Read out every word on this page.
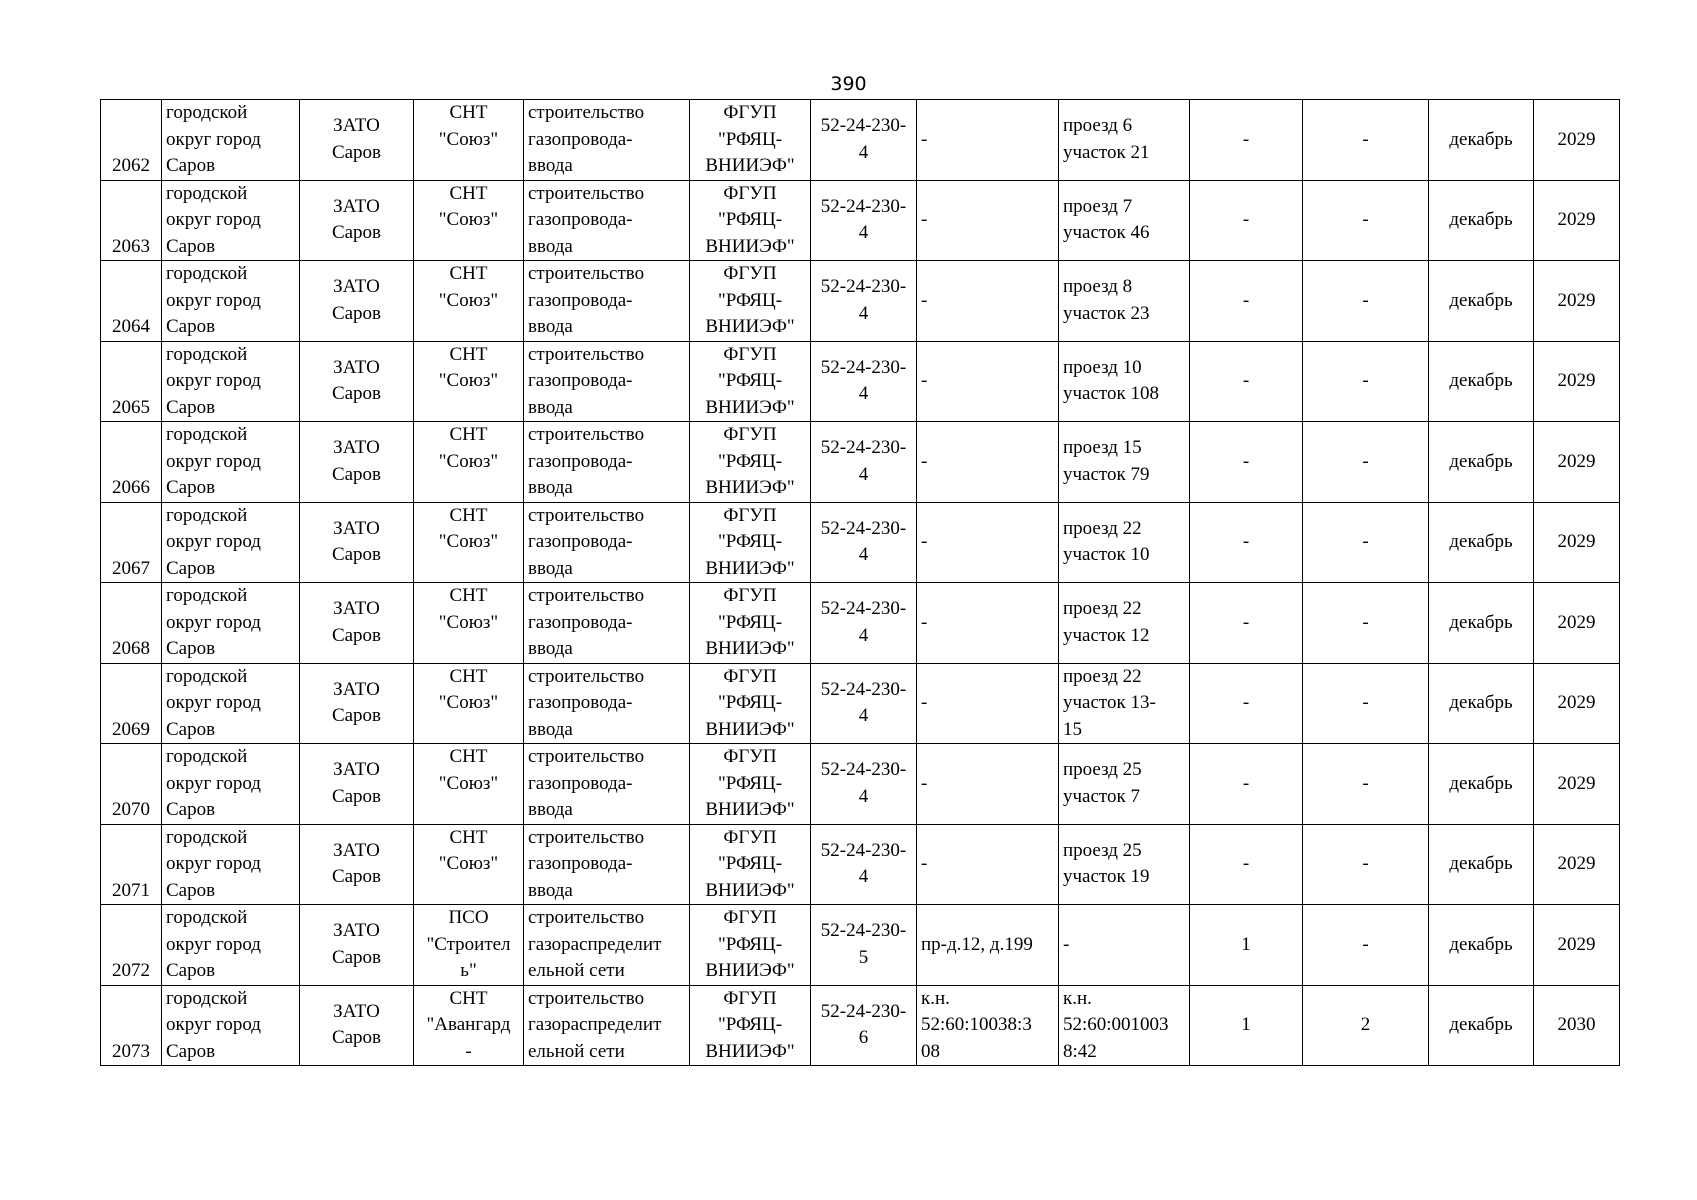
390
2062	городской
округ город
Саров	ЗАТО
Саров	СНТ
"Союз"	строительство
газопровода-
ввода	ФГУП
"РФЯЦ-
ВНИИЭФ"	52-24-230-
4	-	проезд 6
участок 21	-	-	декабрь	2029
2063	городской
округ город
Саров	ЗАТО
Саров	СНТ
"Союз"	строительство
газопровода-
ввода	ФГУП
"РФЯЦ-
ВНИИЭФ"	52-24-230-
4	-	проезд 7
участок 46	-	-	декабрь	2029
2064	городской
округ город
Саров	ЗАТО
Саров	СНТ
"Союз"	строительство
газопровода-
ввода	ФГУП
"РФЯЦ-
ВНИИЭФ"	52-24-230-
4	-	проезд 8
участок 23	-	-	декабрь	2029
2065	городской
округ город
Саров	ЗАТО
Саров	СНТ
"Союз"	строительство
газопровода-
ввода	ФГУП
"РФЯЦ-
ВНИИЭФ"	52-24-230-
4	-	проезд 10
участок 108	-	-	декабрь	2029
2066	городской
округ город
Саров	ЗАТО
Саров	СНТ
"Союз"	строительство
газопровода-
ввода	ФГУП
"РФЯЦ-
ВНИИЭФ"	52-24-230-
4	-	проезд 15
участок 79	-	-	декабрь	2029
2067	городской
округ город
Саров	ЗАТО
Саров	СНТ
"Союз"	строительство
газопровода-
ввода	ФГУП
"РФЯЦ-
ВНИИЭФ"	52-24-230-
4	-	проезд 22
участок 10	-	-	декабрь	2029
2068	городской
округ город
Саров	ЗАТО
Саров	СНТ
"Союз"	строительство
газопровода-
ввода	ФГУП
"РФЯЦ-
ВНИИЭФ"	52-24-230-
4	-	проезд 22
участок 12	-	-	декабрь	2029
2069	городской
округ город
Саров	ЗАТО
Саров	СНТ
"Союз"	строительство
газопровода-
ввода	ФГУП
"РФЯЦ-
ВНИИЭФ"	52-24-230-
4	-	проезд 22
участок 13-
15	-	-	декабрь	2029
2070	городской
округ город
Саров	ЗАТО
Саров	СНТ
"Союз"	строительство
газопровода-
ввода	ФГУП
"РФЯЦ-
ВНИИЭФ"	52-24-230-
4	-	проезд 25
участок 7	-	-	декабрь	2029
2071	городской
округ город
Саров	ЗАТО
Саров	СНТ
"Союз"	строительство
газопровода-
ввода	ФГУП
"РФЯЦ-
ВНИИЭФ"	52-24-230-
4	-	проезд 25
участок 19	-	-	декабрь	2029
2072	городской
округ город
Саров	ЗАТО
Саров	ПСО
"Строител
ь"	строительство
газораспределит
ельной сети	ФГУП
"РФЯЦ-
ВНИИЭФ"	52-24-230-
5	пр-д.12, д.199	-	1	-	декабрь	2029
2073	городской
округ город
Саров	ЗАТО
Саров	СНТ
"Авангард
-	строительство
газораспределит
ельной сети	ФГУП
"РФЯЦ-
ВНИИЭФ"	52-24-230-
6	к.н.
52:60:10038:3
08	к.н.
52:60:001003
8:42	1	2	декабрь	2030
